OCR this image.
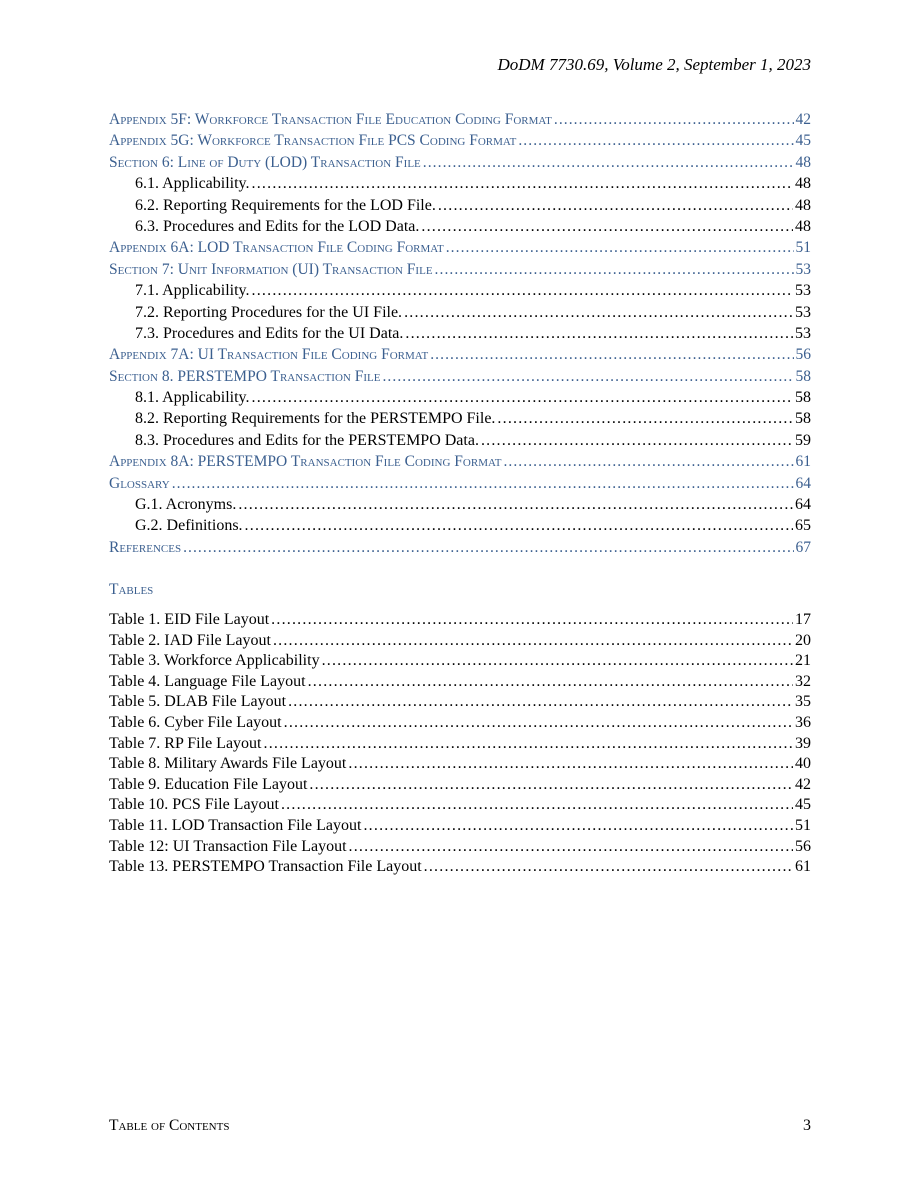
DoDM 7730.69, Volume 2, September 1, 2023
Appendix 5F: Workforce Transaction File Education Coding Format . . .	42
Appendix 5G: Workforce Transaction File PCS Coding Format . . .	45
Section 6: Line of Duty (LOD) Transaction File . . .	48
6.1. Applicability. . . .	48
6.2. Reporting Requirements for the LOD File. . . .	48
6.3. Procedures and Edits for the LOD Data. . . .	48
Appendix 6A: LOD Transaction File Coding Format . . .	51
Section 7: Unit Information (UI) Transaction File . . .	53
7.1. Applicability. . . .	53
7.2. Reporting Procedures for the UI File. . . .	53
7.3. Procedures and Edits for the UI Data. . . .	53
Appendix 7A: UI Transaction File Coding Format . . .	56
Section 8. PERSTEMPO Transaction File . . .	58
8.1. Applicability. . . .	58
8.2. Reporting Requirements for the PERSTEMPO File. . . .	58
8.3. Procedures and Edits for the PERSTEMPO Data. . . .	59
Appendix 8A: PERSTEMPO Transaction File Coding Format . . .	61
Glossary . . .	64
G.1. Acronyms. . . .	64
G.2. Definitions. . . .	65
References . . .	67
Tables
Table 1. EID File Layout . . .	17
Table 2. IAD File Layout . . .	20
Table 3. Workforce Applicability . . .	21
Table 4. Language File Layout . . .	32
Table 5. DLAB File Layout . . .	35
Table 6. Cyber File Layout . . .	36
Table 7. RP File Layout . . .	39
Table 8. Military Awards File Layout . . .	40
Table 9. Education File Layout . . .	42
Table 10. PCS File Layout . . .	45
Table 11. LOD Transaction File Layout . . .	51
Table 12: UI Transaction File Layout . . .	56
Table 13. PERSTEMPO Transaction File Layout . . .	61
Table of Contents	3
